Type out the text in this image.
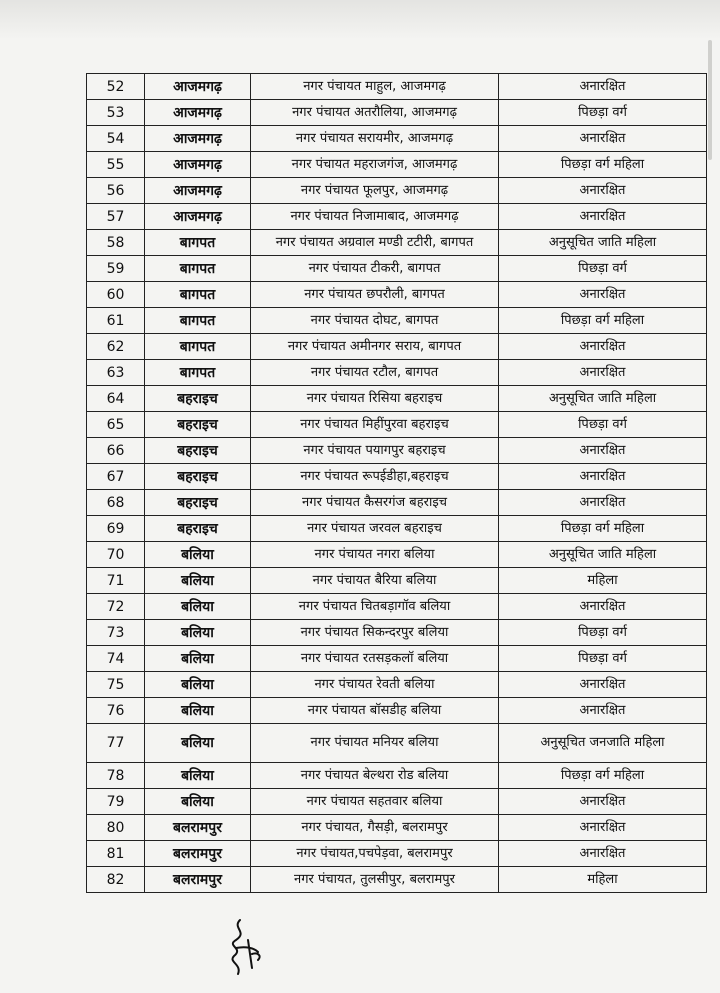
52	आजमगढ़	नगर पंचायत माहुल, आजमगढ़	अनारक्षित
53	आजमगढ़	नगर पंचायत अतरौलिया, आजमगढ़	पिछड़ा वर्ग
54	आजमगढ़	नगर पंचायत सरायमीर, आजमगढ़	अनारक्षित
55	आजमगढ़	नगर पंचायत महराजगंज, आजमगढ़	पिछड़ा वर्ग महिला
56	आजमगढ़	नगर पंचायत फूलपुर, आजमगढ़	अनारक्षित
57	आजमगढ़	नगर पंचायत निजामाबाद, आजमगढ़	अनारक्षित
58	बागपत	नगर पंचायत अग्रवाल मण्डी टटीरी, बागपत	अनुसूचित जाति महिला
59	बागपत	नगर पंचायत टीकरी, बागपत	पिछड़ा वर्ग
60	बागपत	नगर पंचायत छपरौली, बागपत	अनारक्षित
61	बागपत	नगर पंचायत दोघट, बागपत	पिछड़ा वर्ग महिला
62	बागपत	नगर पंचायत अमीनगर सराय, बागपत	अनारक्षित
63	बागपत	नगर पंचायत रटौल, बागपत	अनारक्षित
64	बहराइच	नगर पंचायत रिसिया बहराइच	अनुसूचित जाति महिला
65	बहराइच	नगर पंचायत मिहींपुरवा बहराइच	पिछड़ा वर्ग
66	बहराइच	नगर पंचायत पयागपुर बहराइच	अनारक्षित
67	बहराइच	नगर पंचायत रूपईडीहा,बहराइच	अनारक्षित
68	बहराइच	नगर पंचायत कैसरगंज बहराइच	अनारक्षित
69	बहराइच	नगर पंचायत जरवल बहराइच	पिछड़ा वर्ग महिला
70	बलिया	नगर पंचायत नगरा बलिया	अनुसूचित जाति महिला
71	बलिया	नगर पंचायत बैरिया बलिया	महिला
72	बलिया	नगर पंचायत चितबड़ागॉव बलिया	अनारक्षित
73	बलिया	नगर पंचायत सिकन्दरपुर बलिया	पिछड़ा वर्ग
74	बलिया	नगर पंचायत रतसड़कलॉ बलिया	पिछड़ा वर्ग
75	बलिया	नगर पंचायत रेवती बलिया	अनारक्षित
76	बलिया	नगर पंचायत बॉसडीह बलिया	अनारक्षित
77	बलिया	नगर पंचायत मनियर बलिया	अनुसूचित जनजाति महिला
78	बलिया	नगर पंचायत बेल्थरा रोड बलिया	पिछड़ा वर्ग महिला
79	बलिया	नगर पंचायत सहतवार बलिया	अनारक्षित
80	बलरामपुर	नगर पंचायत, गैसड़ी, बलरामपुर	अनारक्षित
81	बलरामपुर	नगर पंचायत,पचपेड़वा, बलरामपुर	अनारक्षित
82	बलरामपुर	नगर पंचायत, तुलसीपुर, बलरामपुर	महिला
